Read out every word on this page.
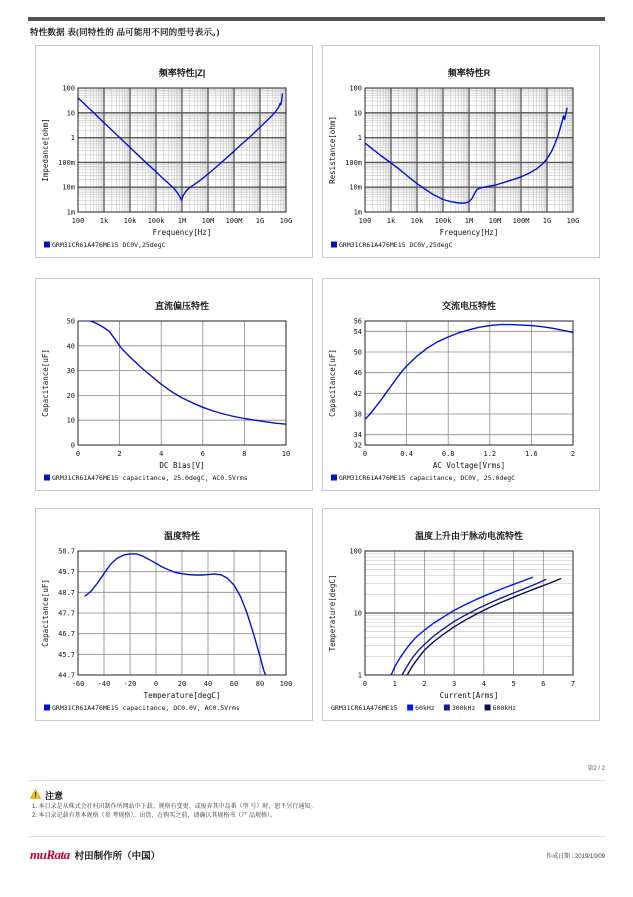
特性数据 表(同特性的 品可能用不同的型号表示。)
100 1k 10k 100k 1M 10M 100M 1G 10G
1m
10m
100m
1
10
100
频率特性|Z|
Frequency[Hz]
Impedance[ohm]
GRM31CR61A476ME15 DC0V,25degC
100 1k 10k 100k 1M 10M 100M 1G 10G
1m
10m
100m
1
10
100
频率特性R
Frequency[Hz]
Resistance[ohm]
GRM31CR61A476ME15 DC0V,25degC
0	2	4	6	8	10
0
10
20
30
40
50
直流偏压特性
DC Bias[V]
Capacitance[uF]
GRM31CR61A476ME15 capacitance, 25.0degC, AC0.5Vrms
0	0.4	0.8	1.2	1.6	2
32
34
38
42
46
50
54
56
交流电压特性
AC Voltage[Vrms]
Capacitance[uF]
GRM31CR61A476ME15 capacitance, DC0V, 25.0degC
-60 -40 -20	0	20	40	60	80 100
44.7
45.7
46.7
47.7
48.7
49.7
50.7
温度特性
Temperature[degC]
Capacitance[uF]
GRM31CR61A476ME15 capacitance, DC0.0V, AC0.5Vrms
0	1	2	3	4	5	6	7
1
10
100
温度上升由于脉动电流特性
Current[Arms]
Temperature[degC]
GRM31CR61A476ME15	60kHz	300kHz	600kHz
第2 / 2
注意
1. 本目录是从株式会社村田制作所网站中下载。规格有变更、或废弃其中品番（型 号）时，恕不另行通知。
2. 本目录记载有基本规格（参 考规格）。出货、在购买之前，请确认其规格书（产 品规格）。
muRata 村田制作所（中国）	作成日期 : 2019/10/09
